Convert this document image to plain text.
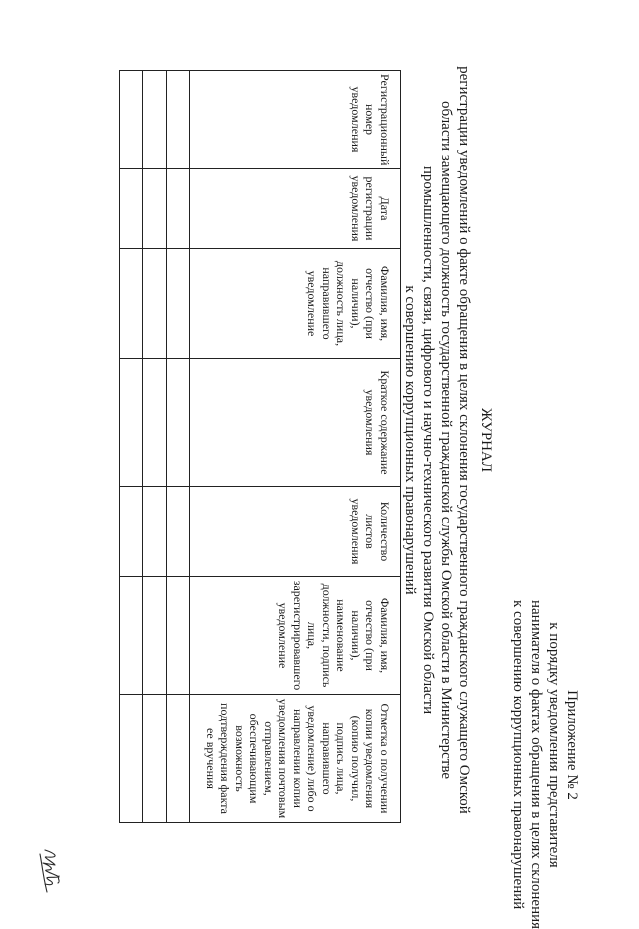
Приложение № 2
к порядку уведомления представителя
нанимателя о фактах обращения в целях склонения
к совершению коррупционных правонарушений
ЖУРНАЛ
регистрации уведомлений о факте обращения в целях склонения государственного гражданского служащего Омской
области замещающего должность государственной гражданской службы Омской области в Министерстве
промышленности, связи, цифрового и научно-технического развития Омской области
к совершению коррупционных правонарушений
Регистрационный номер уведомления	Дата регистрации уведомления	Фамилия, имя, отчество (при наличии), должность лица, направившего уведомление	Краткое содержание уведомления	Количество листов уведомления	Фамилия, имя, отчество (при наличии), наименование должности, подпись лица, зарегистрировавшего уведомление	Отметка о получении копии уведомления (копию получил, подпись лица, направившего уведомление) либо о направлении копии уведомления почтовым отправлением, обеспечивающим возможность подтверждения факта ее вручения
